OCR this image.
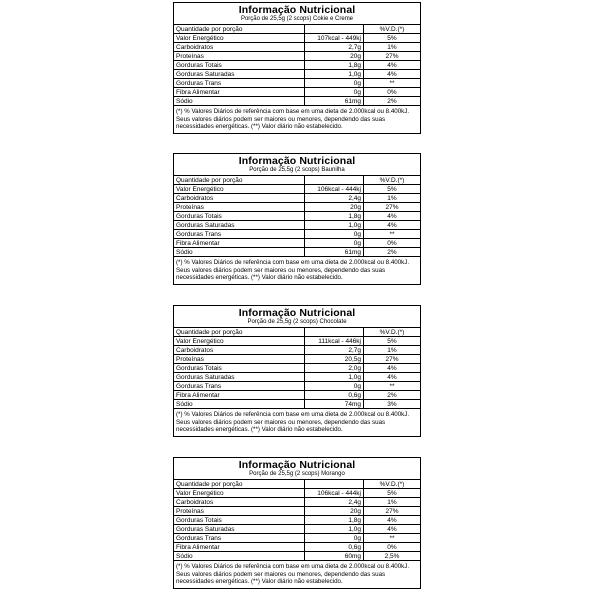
Informação Nutricional
Porção de 25,5g (2 scops) Cokie e Creme
Quantidade por porção		%V.D.(*)
Valor Energético	107kcal - 449kj	5%
Carboidratos	2,7g	1%
Proteínas	20g	27%
Gorduras Totais	1,8g	4%
Gorduras Saturadas	1,0g	4%
Gorduras Trans	0g	**
Fibra Alimentar	0g	0%
Sódio	61mg	2%
(*) % Valores Diários de referência com base em uma dieta de 2.000kcal ou 8.400kJ. Seus valores diários podem ser maiores ou menores, dependendo das suas necessidades energéticas. (**) Valor diário não estabelecido.
Informação Nutricional
Porção de 25,5g (2 scops) Baunilha
Quantidade por porção		%V.D.(*)
Valor Energético	106kcal - 444kj	5%
Carboidratos	2,4g	1%
Proteínas	20g	27%
Gorduras Totais	1,8g	4%
Gorduras Saturadas	1,0g	4%
Gorduras Trans	0g	**
Fibra Alimentar	0g	0%
Sódio	61mg	2%
(*) % Valores Diários de referência com base em uma dieta de 2.000kcal ou 8.400kJ. Seus valores diários podem ser maiores ou menores, dependendo das suas necessidades energéticas. (**) Valor diário não estabelecido.
Informação Nutricional
Porção de 25,5g (2 scops) Chocolate
Quantidade por porção		%V.D.(*)
Valor Energético	111kcal - 446kj	5%
Carboidratos	2,7g	1%
Proteínas	20,5g	27%
Gorduras Totais	2,0g	4%
Gorduras Saturadas	1,0g	4%
Gorduras Trans	0g	**
Fibra Alimentar	0,6g	2%
Sódio	74mg	3%
(*) % Valores Diários de referência com base em uma dieta de 2.000kcal ou 8.400kJ. Seus valores diários podem ser maiores ou menores, dependendo das suas necessidades energéticas. (**) Valor diário não estabelecido.
Informação Nutricional
Porção de 25,5g (2 scops) Morango
Quantidade por porção		%V.D.(*)
Valor Energético	106kcal - 444kj	5%
Carboidratos	2,4g	1%
Proteínas	20g	27%
Gorduras Totais	1,8g	4%
Gorduras Saturadas	1,0g	4%
Gorduras Trans	0g	**
Fibra Alimentar	0,6g	0%
Sódio	60mg	2,5%
(*) % Valores Diários de referência com base em uma dieta de 2.000kcal ou 8.400kJ. Seus valores diários podem ser maiores ou menores, dependendo das suas necessidades energéticas. (**) Valor diário não estabelecido.
